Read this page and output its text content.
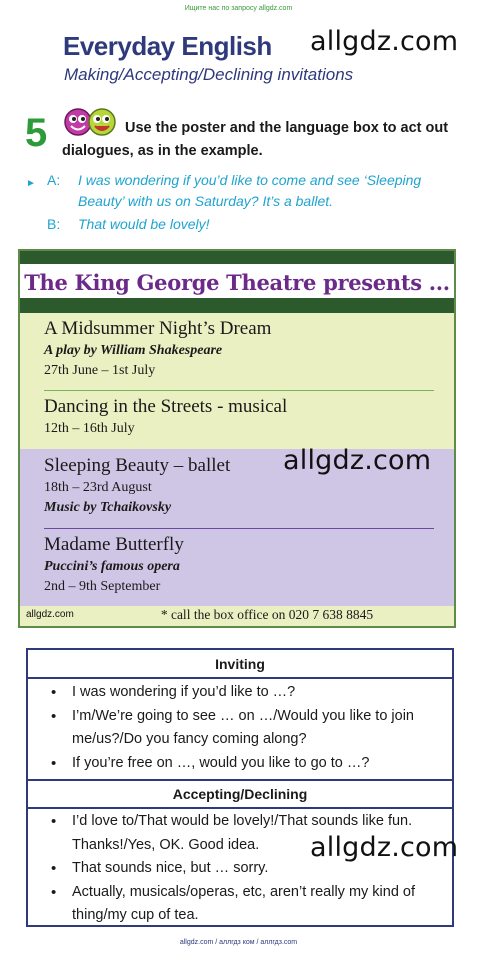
Ищите нас по запросу allgdz.com
Everyday English
Making/Accepting/Declining invitations
allgdz.com
5	Use the poster and the language box to act out dialogues, as in the example.
► A:	I was wondering if you’d like to come and see ‘Sleeping
Beauty’ with us on Saturday? It’s a ballet.
B:	That would be lovely!
The King George Theatre presents ...
A Midsummer Night’s Dream
A play by William Shakespeare
27th June – 1st July
Dancing in the Streets - musical
12th – 16th July
Sleeping Beauty – ballet
18th – 23rd August
Music by Tchaikovsky
Madame Butterfly
Puccini’s famous opera
2nd – 9th September
allgdz.com	* call the box office on 020 7 638 8845
allgdz.com
Inviting
• I was wondering if you’d like to …?
• I’m/We’re going to see … on …/Would you like to join me/us?/Do you fancy coming along?
• If you’re free on …, would you like to go to …?
Accepting/Declining
• I’d love to/That would be lovely!/That sounds like fun. Thanks!/Yes, OK. Good idea.
• That sounds nice, but … sorry.
• Actually, musicals/operas, etc, aren’t really my kind of thing/my cup of tea.
allgdz.com
allgdz.com / аллгдз ком / аллгдз.com
